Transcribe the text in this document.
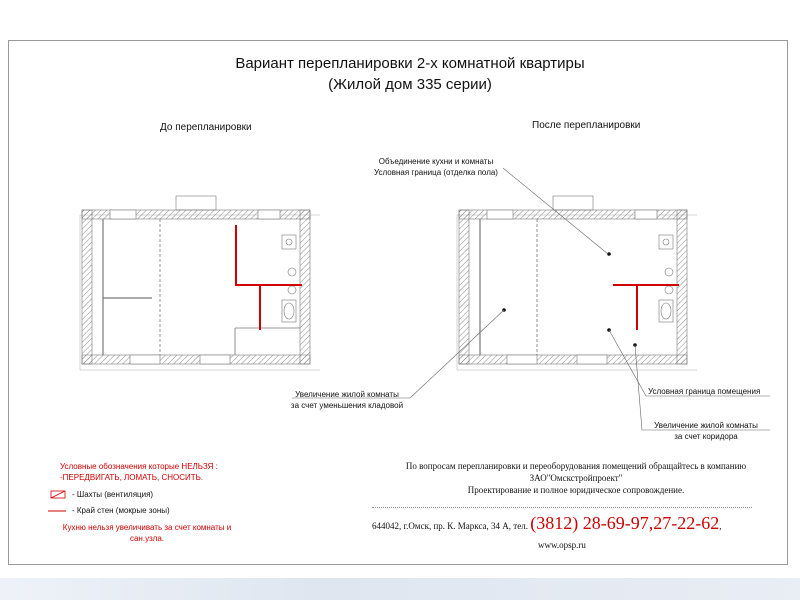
Вариант перепланировки 2-х комнатной квартиры
(Жилой дом 335 серии)
До перепланировки	После перепланировки
Объединение кухни и комнаты
Условная граница (отделка пола)
Увеличение жилой комнаты
за счет уменьшения кладовой
Условная граница помещения
Увеличение жилой комнаты
за счет коридора
Условные обозначения которые НЕЛЬЗЯ :
-ПЕРЕДВИГАТЬ, ЛОМАТЬ, СНОСИТЬ.
- Шахты (вентиляция)
- Край стен (мокрые зоны)
Кухню нельзя увеличивать за счет комнаты и
сан.узла.
По вопросам перепланировки и переоборудования помещений обращайтесь в компанию
ЗАО"Омскстройпроект"
Проектирование и полное юридическое сопровождение.
644042, г.Омск, пр. К. Маркса, 34 А, тел. (3812) 28-69-97,27-22-62,
www.opsp.ru
